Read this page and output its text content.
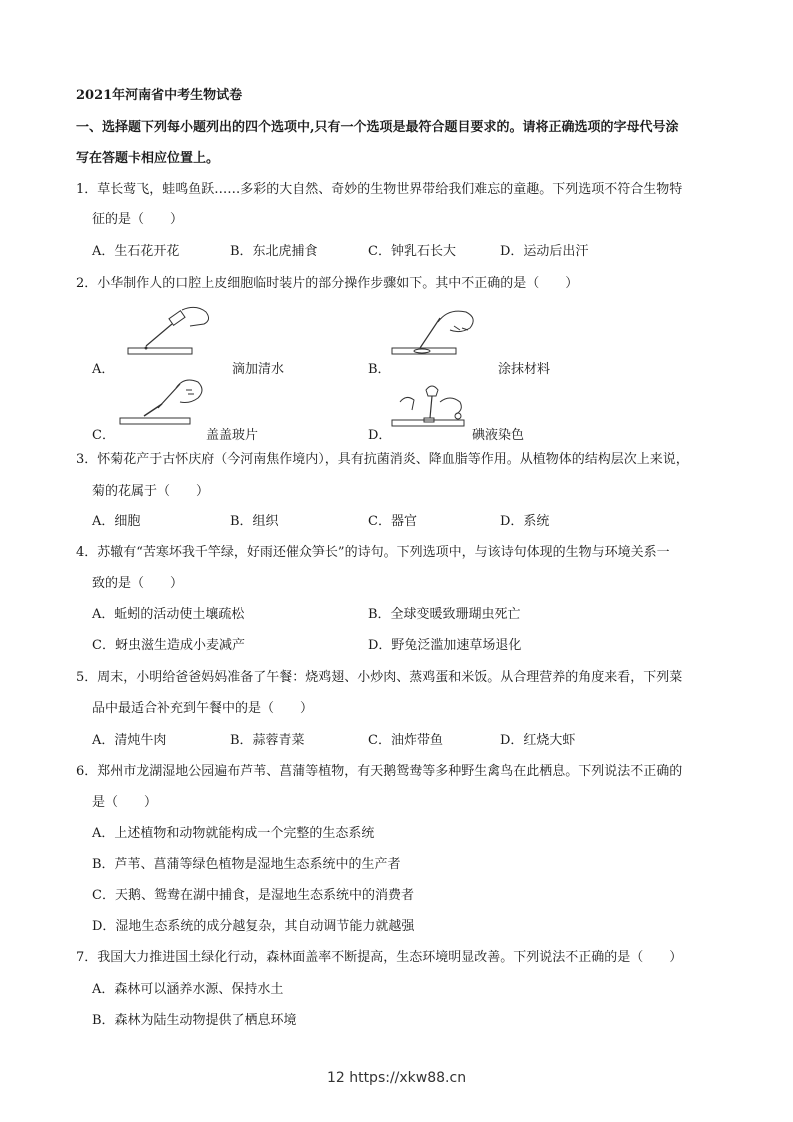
2021年河南省中考生物试卷
一、选择题下列每小题列出的四个选项中,只有一个选项是最符合题目要求的。请将正确选项的字母代号涂
写在答题卡相应位置上。
1．草长莺飞，蛙鸣鱼跃……多彩的大自然、奇妙的生物世界带给我们难忘的童趣。下列选项不符合生物特
征的是（　　）
A．生石花开花	B．东北虎捕食	C．钟乳石长大	D．运动后出汗
2．小华制作人的口腔上皮细胞临时装片的部分操作步骤如下。其中不正确的是（　　）
A．	滴加清水	B．	涂抹材料
C．	盖盖玻片	D．	碘液染色
3．怀菊花产于古怀庆府（今河南焦作境内），具有抗菌消炎、降血脂等作用。从植物体的结构层次上来说，
菊的花属于（　　）
A．细胞	B．组织	C．器官	D．系统
4．苏辙有“苦寒坏我千竿绿，好雨还催众笋长”的诗句。下列选项中，与该诗句体现的生物与环境关系一
致的是（　　）
A．蚯蚓的活动使土壤疏松	B．全球变暖致珊瑚虫死亡
C．蚜虫滋生造成小麦减产	D．野兔泛滥加速草场退化
5．周末，小明给爸爸妈妈准备了午餐：烧鸡翅、小炒肉、蒸鸡蛋和米饭。从合理营养的角度来看，下列菜
品中最适合补充到午餐中的是（　　）
A．清炖牛肉	B．蒜蓉青菜	C．油炸带鱼	D．红烧大虾
6．郑州市龙湖湿地公园遍布芦苇、菖蒲等植物，有天鹅鸳鸯等多种野生禽鸟在此栖息。下列说法不正确的
是（　　）
A．上述植物和动物就能构成一个完整的生态系统
B．芦苇、菖蒲等绿色植物是湿地生态系统中的生产者
C．天鹅、鸳鸯在湖中捕食，是湿地生态系统中的消费者
D．湿地生态系统的成分越复杂，其自动调节能力就越强
7．我国大力推进国土绿化行动，森林面盖率不断提高，生态环境明显改善。下列说法不正确的是（　　）
A．森林可以涵养水源、保持水土
B．森林为陆生动物提供了栖息环境
12 https://xkw88.cn
